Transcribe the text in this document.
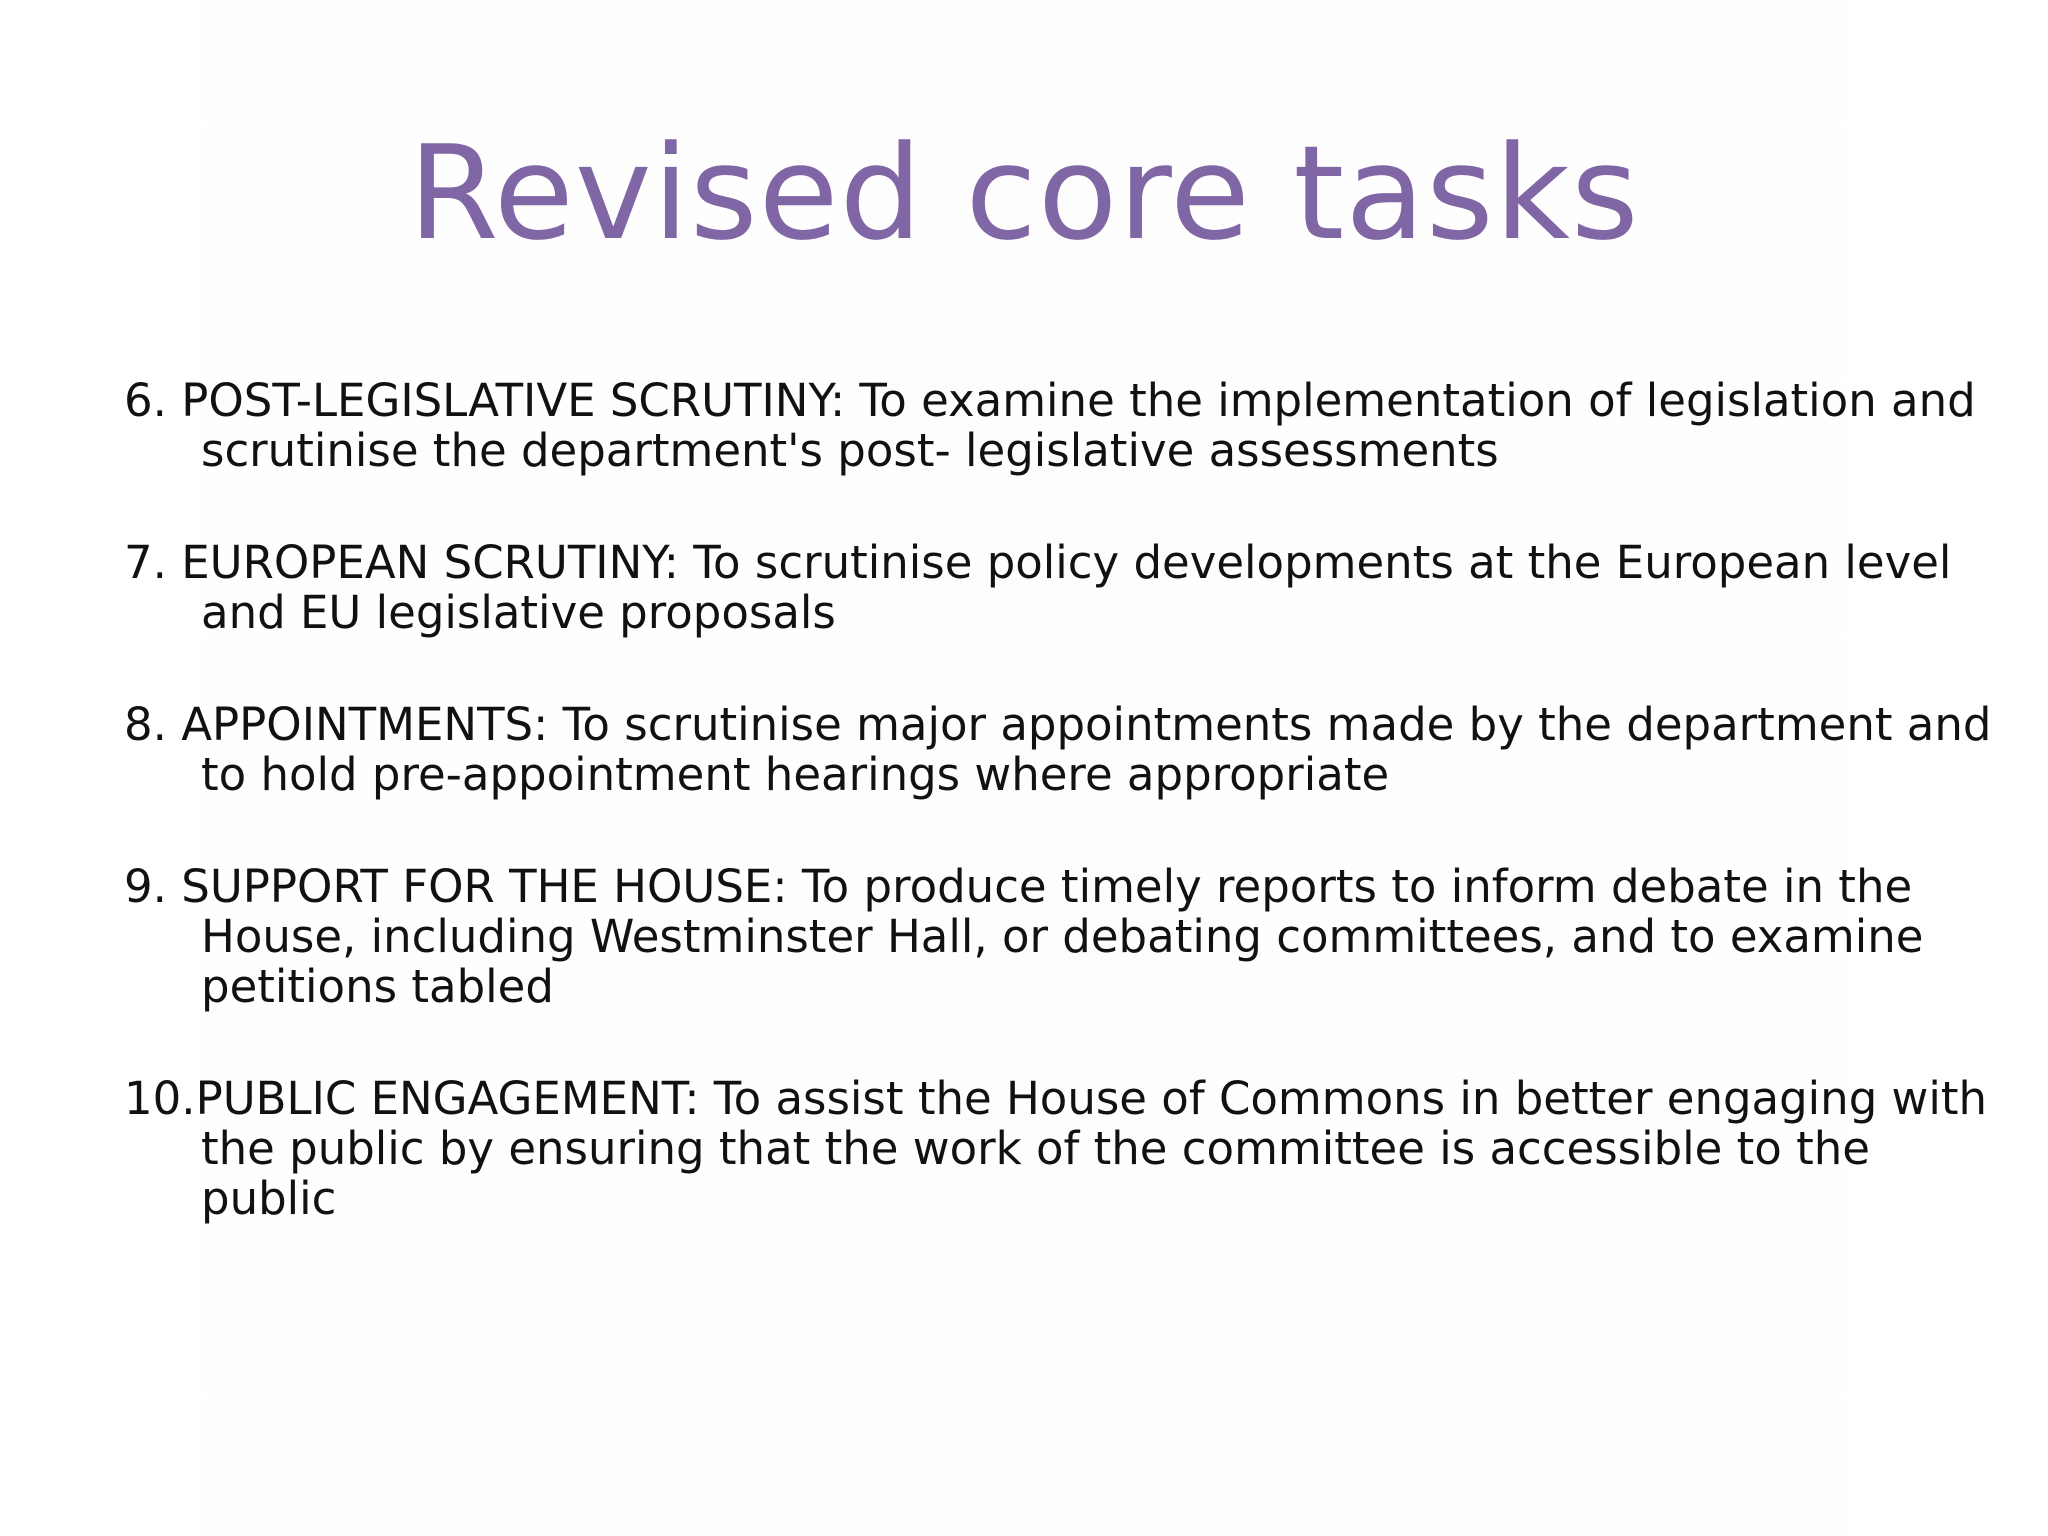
Revised core tasks
6. POST-LEGISLATIVE SCRUTINY: To examine the implementation of legislation and scrutinise the department's post- legislative assessments
7. EUROPEAN SCRUTINY: To scrutinise policy developments at the European level and EU legislative proposals
8. APPOINTMENTS: To scrutinise major appointments made by the department and to hold pre-appointment hearings where appropriate
9. SUPPORT FOR THE HOUSE: To produce timely reports to inform debate in the House, including Westminster Hall, or debating committees, and to examine petitions tabled
10.PUBLIC ENGAGEMENT: To assist the House of Commons in better engaging with the public by ensuring that the work of the committee is accessible to the public
